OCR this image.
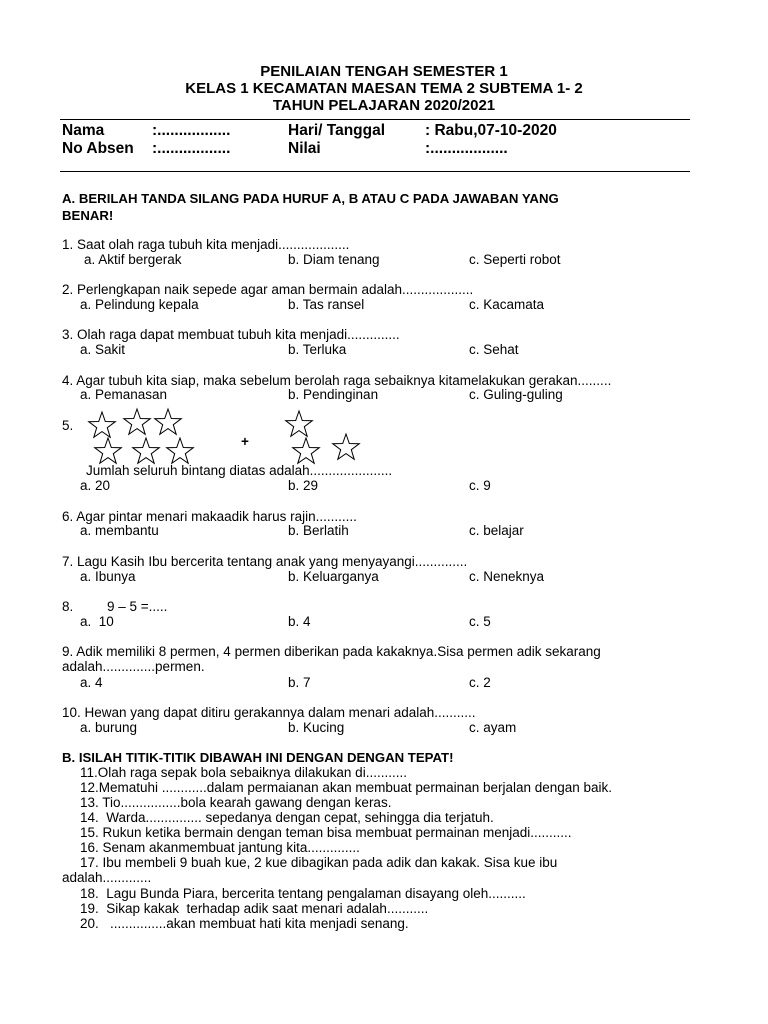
PENILAIAN TENGAH SEMESTER 1
KELAS 1 KECAMATAN MAESAN TEMA 2 SUBTEMA 1- 2
TAHUN PELAJARAN 2020/2021
Nama	:.................	Hari/ Tanggal	: Rabu,07-10-2020
No Absen :.................	Nilai	:..................
A. BERILAH TANDA SILANG PADA HURUF A, B ATAU C PADA JAWABAN YANG
BENAR!
1. Saat olah raga tubuh kita menjadi...................
a. Aktif bergerak	b. Diam tenang	c. Seperti robot
2. Perlengkapan naik sepede agar aman bermain adalah...................
a. Pelindung kepala	b. Tas ransel	c. Kacamata
3. Olah raga dapat membuat tubuh kita menjadi..............
a. Sakit	b. Terluka	c. Sehat
4. Agar tubuh kita siap, maka sebelum berolah raga sebaiknya kitamelakukan gerakan.........
a. Pemanasan	b. Pendinginan	c. Guling-guling
5.
+
Jumlah seluruh bintang diatas adalah......................
a. 20	b. 29	c. 9
6. Agar pintar menari makaadik harus rajin...........
a. membantu	b. Berlatih	c. belajar
7. Lagu Kasih Ibu bercerita tentang anak yang menyayangi..............
a. Ibunya	b. Keluarganya	c. Neneknya
8.         9 – 5 =.....
a.  10	b. 4	c. 5
9. Adik memiliki 8 permen, 4 permen diberikan pada kakaknya.Sisa permen adik sekarang
adalah..............permen.
a. 4	b. 7	c. 2
10. Hewan yang dapat ditiru gerakannya dalam menari adalah...........
a. burung	b. Kucing	c. ayam
B. ISILAH TITIK-TITIK DIBAWAH INI DENGAN DENGAN TEPAT!
11.Olah raga sepak bola sebaiknya dilakukan di...........
12.Mematuhi ............dalam permaianan akan membuat permainan berjalan dengan baik.
13. Tio................bola kearah gawang dengan keras.
14.  Warda............... sepedanya dengan cepat, sehingga dia terjatuh.
15. Rukun ketika bermain dengan teman bisa membuat permainan menjadi...........
16. Senam akanmembuat jantung kita..............
17. Ibu membeli 9 buah kue, 2 kue dibagikan pada adik dan kakak. Sisa kue ibu
adalah.............
18.  Lagu Bunda Piara, bercerita tentang pengalaman disayang oleh..........
19.  Sikap kakak  terhadap adik saat menari adalah...........
20.   ...............akan membuat hati kita menjadi senang.
